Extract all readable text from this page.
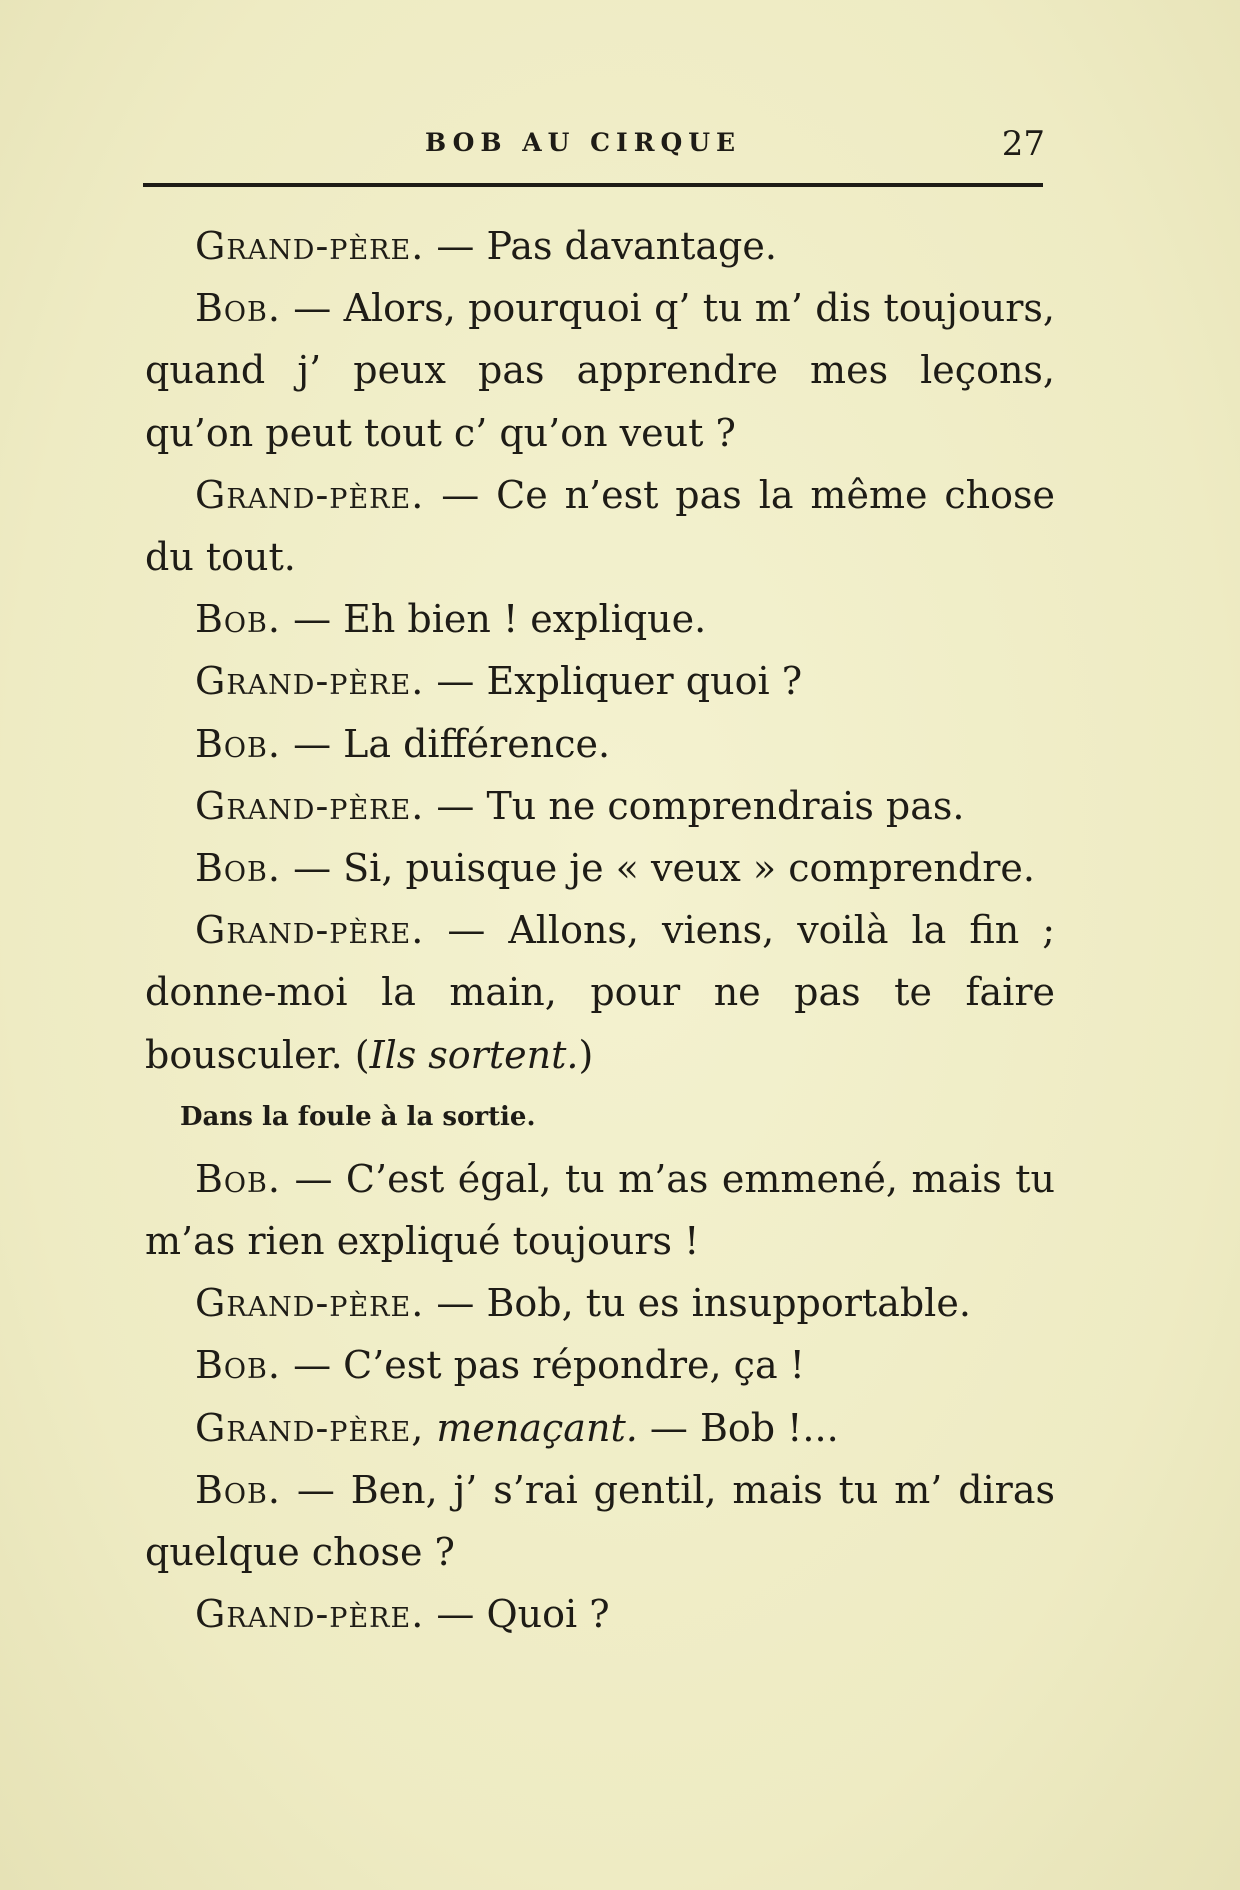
BOB AU CIRQUE	27

Grand-père. — Pas davantage.

Bob. — Alors, pourquoi q’ tu m’ dis toujours, quand j’ peux pas apprendre mes leçons, qu’on peut tout c’ qu’on veut ?

Grand-père. — Ce n’est pas la même chose du tout.

Bob. — Eh bien ! explique.

Grand-père. — Expliquer quoi ?

Bob. — La différence.

Grand-père. — Tu ne comprendrais pas.

Bob. — Si, puisque je « veux » comprendre.

Grand-père. — Allons, viens, voilà la fin ; donne-moi la main, pour ne pas te faire bousculer. (Ils sortent.)

Dans la foule à la sortie.

Bob. — C’est égal, tu m’as emmené, mais tu m’as rien expliqué toujours !

Grand-père. — Bob, tu es insupportable.

Bob. — C’est pas répondre, ça !

Grand-père, menaçant. — Bob !...

Bob. — Ben, j’ s’rai gentil, mais tu m’ diras quelque chose ?

Grand-père. — Quoi ?
